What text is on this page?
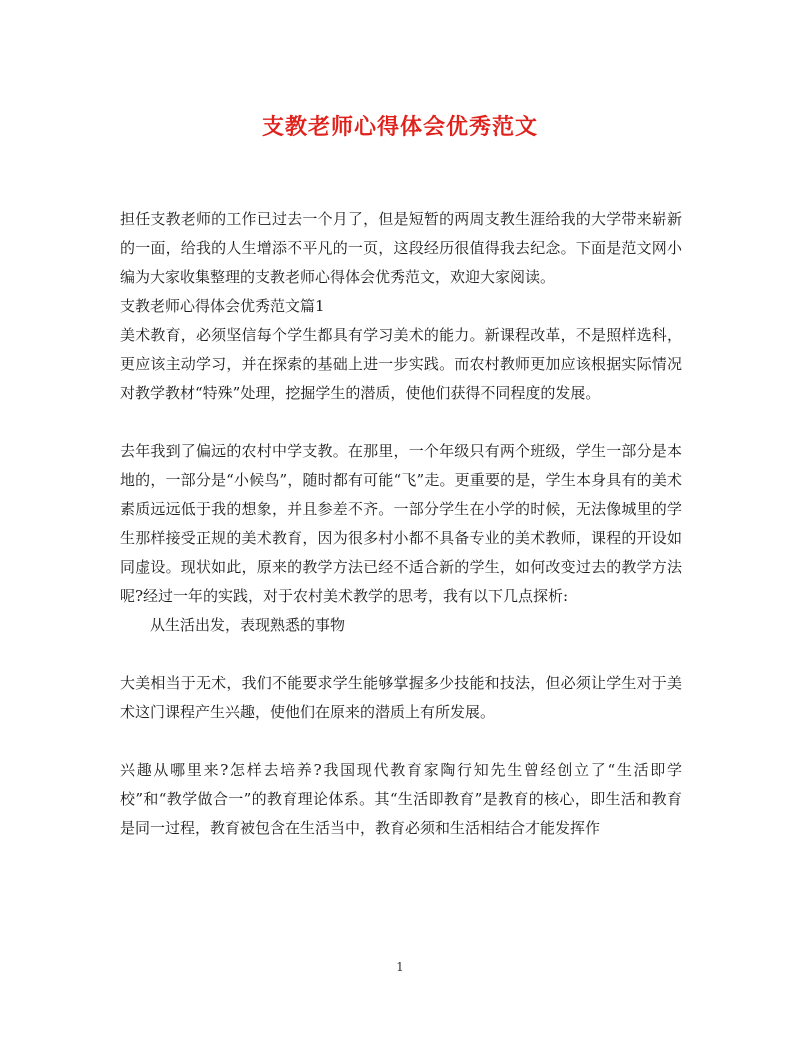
支教老师心得体会优秀范文

担任支教老师的工作已过去一个月了，但是短暂的两周支教生涯给我的大学带来崭新的一面，给我的人生增添不平凡的一页，这段经历很值得我去纪念。下面是范文网小编为大家收集整理的支教老师心得体会优秀范文，欢迎大家阅读。

支教老师心得体会优秀范文篇1

美术教育，必须坚信每个学生都具有学习美术的能力。新课程改革，不是照样选科，更应该主动学习，并在探索的基础上进一步实践。而农村教师更加应该根据实际情况对教学教材“特殊”处理，挖掘学生的潜质，使他们获得不同程度的发展。

去年我到了偏远的农村中学支教。在那里，一个年级只有两个班级，学生一部分是本地的，一部分是“小候鸟”，随时都有可能“飞”走。更重要的是，学生本身具有的美术素质远远低于我的想象，并且参差不齐。一部分学生在小学的时候，无法像城里的学生那样接受正规的美术教育，因为很多村小都不具备专业的美术教师，课程的开设如同虚设。现状如此，原来的教学方法已经不适合新的学生，如何改变过去的教学方法呢?经过一年的实践，对于农村美术教学的思考，我有以下几点探析:

从生活出发，表现熟悉的事物

大美相当于无术，我们不能要求学生能够掌握多少技能和技法，但必须让学生对于美术这门课程产生兴趣，使他们在原来的潜质上有所发展。

兴趣从哪里来?怎样去培养?我国现代教育家陶行知先生曾经创立了“生活即学校”和“教学做合一”的教育理论体系。其“生活即教育”是教育的核心，即生活和教育是同一过程，教育被包含在生活当中，教育必须和生活相结合才能发挥作

1
